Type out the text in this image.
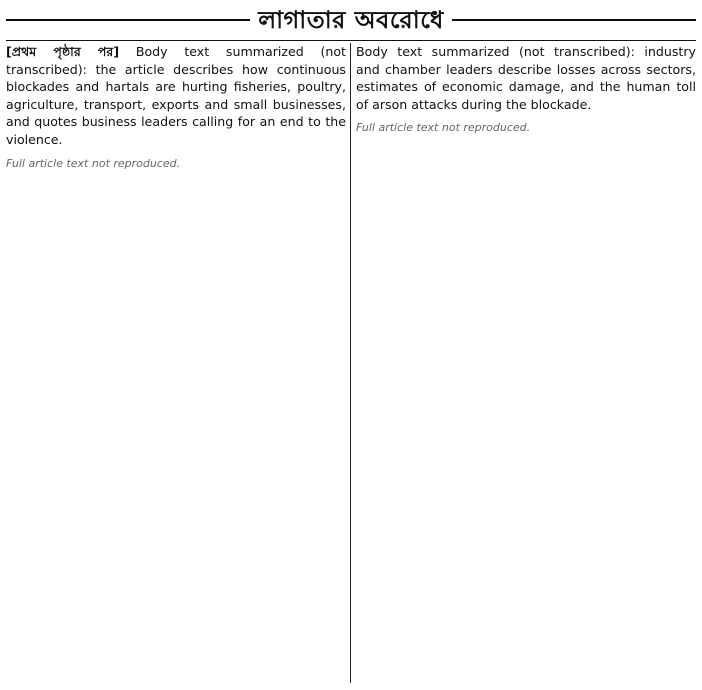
লাগাতার অবরোধে
[প্রথম পৃষ্ঠার পর] Body text summarized (not transcribed): the article describes how continuous blockades and hartals are hurting fisheries, poultry, agriculture, transport, exports and small businesses, and quotes business leaders calling for an end to the violence.
Full article text not reproduced.
Body text summarized (not transcribed): industry and chamber leaders describe losses across sectors, estimates of economic damage, and the human toll of arson attacks during the blockade.
Full article text not reproduced.
